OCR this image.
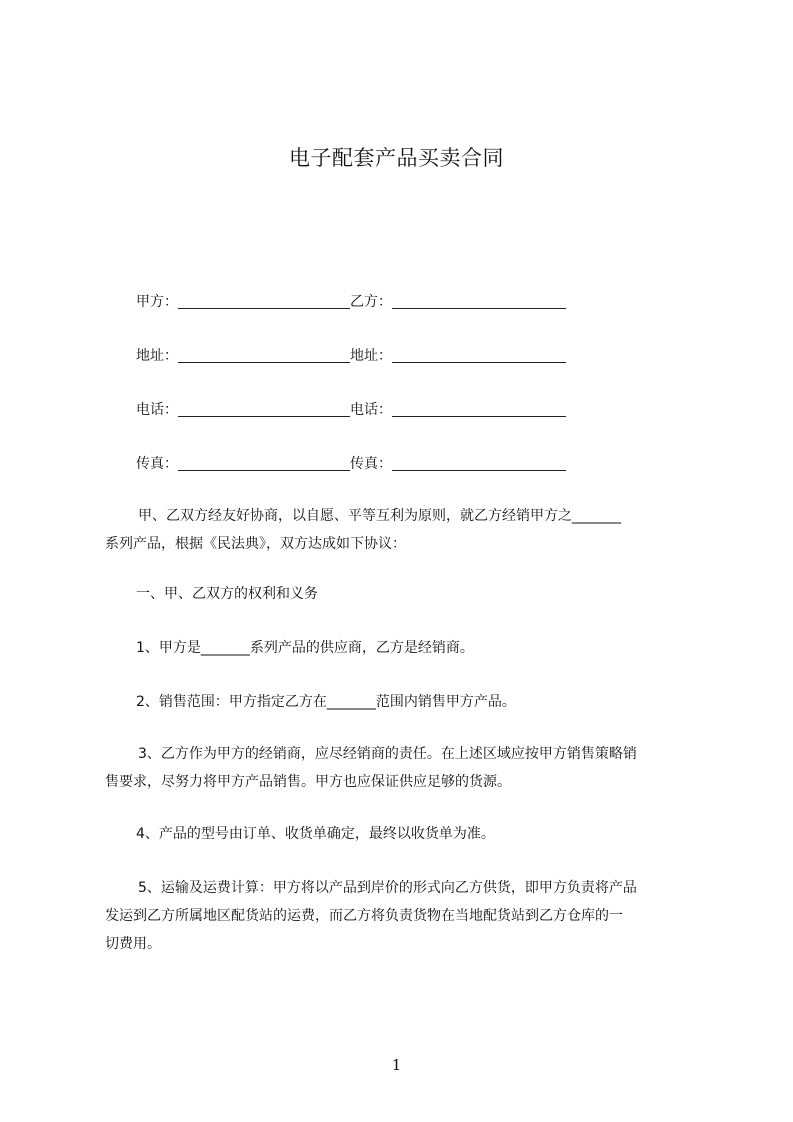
电子配套产品买卖合同
甲方：	乙方：
地址：	地址：
电话：	电话：
传真：	传真：
甲、乙双方经友好协商，以自愿、平等互利为原则，就乙方经销甲方之_______
系列产品，根据《民法典》，双方达成如下协议：
一、甲、乙双方的权利和义务
1、甲方是_______系列产品的供应商，乙方是经销商。
2、销售范围：甲方指定乙方在_______范围内销售甲方产品。
3、乙方作为甲方的经销商，应尽经销商的责任。在上述区域应按甲方销售策略销
售要求，尽努力将甲方产品销售。甲方也应保证供应足够的货源。
4、产品的型号由订单、收货单确定，最终以收货单为准。
5、运输及运费计算：甲方将以产品到岸价的形式向乙方供货，即甲方负责将产品
发运到乙方所属地区配货站的运费，而乙方将负责货物在当地配货站到乙方仓库的一
切费用。
1
